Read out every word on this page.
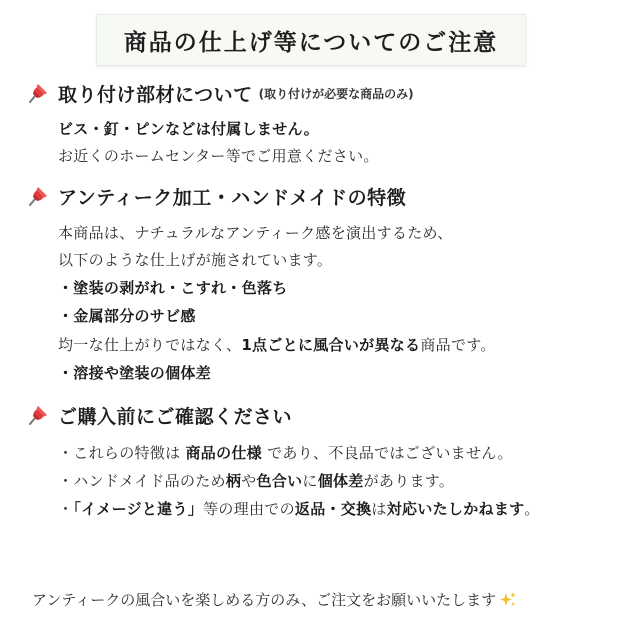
商品の仕上げ等についてのご注意
取り付け部材について (取り付けが必要な商品のみ)
ビス・釘・ピンなどは付属しません。
お近くのホームセンター等でご用意ください。
アンティーク加工・ハンドメイドの特徴
本商品は、ナチュラルなアンティーク感を演出するため、
以下のような仕上げが施されています。
・塗装の剥がれ・こすれ・色落ち
・金属部分のサビ感
均一な仕上がりではなく、1点ごとに風合いが異なる商品です。
・溶接や塗装の個体差
ご購入前にご確認ください
・これらの特徴は 商品の仕様 であり、不良品ではございません。
・ハンドメイド品のため柄や色合いに個体差があります。
・「イメージと違う」等の理由での返品・交換は対応いたしかねます。
アンティークの風合いを楽しめる方のみ、ご注文をお願いいたします
